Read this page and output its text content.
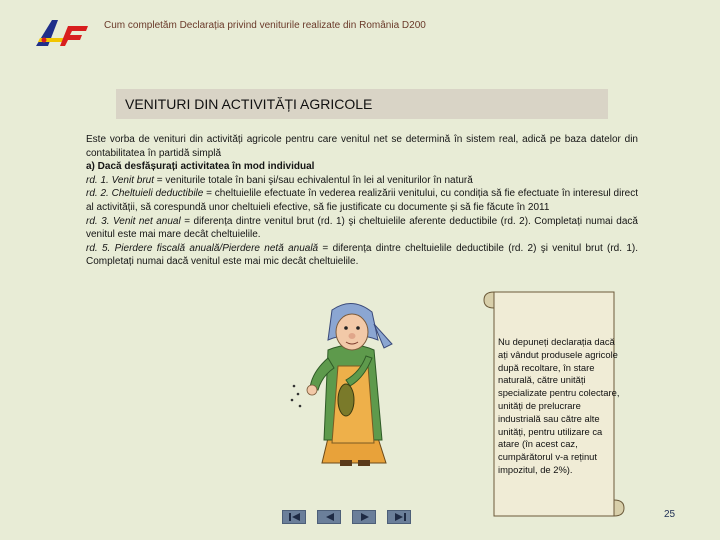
Cum completăm Declarația privind veniturile realizate din România D200
VENITURI DIN ACTIVITĂȚI AGRICOLE

Este vorba de venituri din activități agricole pentru care venitul net se determină în sistem real, adică pe baza datelor din contabilitatea în partidă simplă

a) Dacă desfășurați activitatea în mod individual

rd. 1. Venit brut = veniturile totale în bani şi/sau echivalentul în lei al veniturilor în natură

rd. 2. Cheltuieli deductibile = cheltuielile efectuate în vederea realizării venitului, cu condiția să fie efectuate în interesul direct al activității, să corespundă unor cheltuieli efective, să fie justificate cu documente și să fie făcute în 2011

rd. 3. Venit net anual = diferența dintre venitul brut (rd. 1) şi cheltuielile aferente deductibile (rd. 2). Completați numai dacă venitul este mai mare decât cheltuielile.

rd. 5. Pierdere fiscală anuală/Pierdere netă anuală = diferența dintre cheltuielile deductibile (rd. 2) şi venitul brut (rd. 1). Completați numai dacă venitul este mai mic decât cheltuielile.

Nu depuneți declarația dacă ați vândut produsele agricole după recoltare, în stare naturală, către unități specializate pentru colectare, unități de prelucrare industrială sau către alte unități, pentru utilizare ca atare (în acest caz, cumpărătorul v-a reținut impozitul, de 2%).
25
